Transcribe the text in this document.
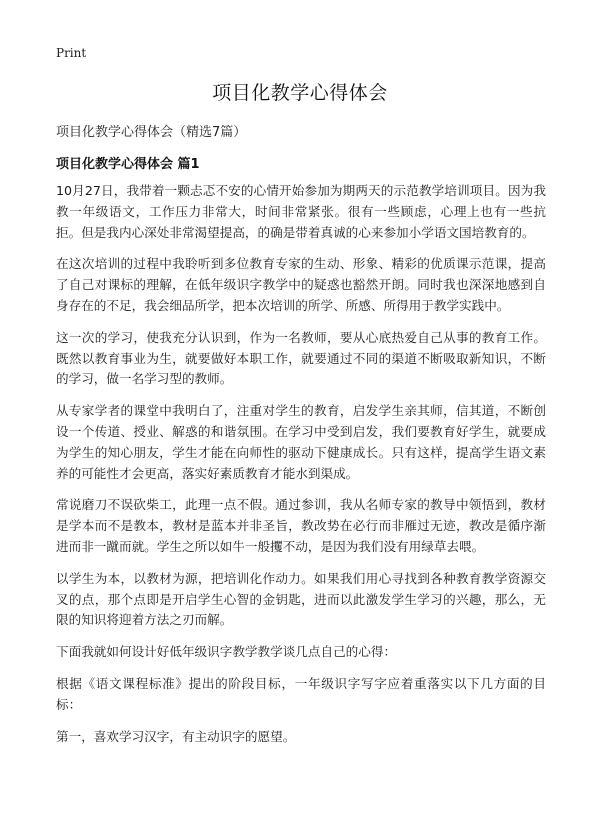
Print
项目化教学心得体会

项目化教学心得体会（精选7篇）

项目化教学心得体会 篇1

10月27日，我带着一颗忐忑不安的心情开始参加为期两天的示范教学培训项目。因为我教一年级语文，工作压力非常大，时间非常紧张。很有一些顾虑，心理上也有一些抗拒。但是我内心深处非常渴望提高，的确是带着真诚的心来参加小学语文国培教育的。

在这次培训的过程中我聆听到多位教育专家的生动、形象、精彩的优质课示范课，提高了自己对课标的理解，在低年级识字教学中的疑惑也豁然开朗。同时我也深深地感到自身存在的不足，我会细品所学，把本次培训的所学、所感、所得用于教学实践中。

这一次的学习，使我充分认识到，作为一名教师，要从心底热爱自己从事的教育工作。既然以教育事业为生，就要做好本职工作，就要通过不同的渠道不断吸取新知识，不断的学习，做一名学习型的教师。

从专家学者的课堂中我明白了，注重对学生的教育，启发学生亲其师，信其道，不断创设一个传道、授业、解惑的和谐氛围。在学习中受到启发，我们要教育好学生，就要成为学生的知心朋友，学生才能在向师性的驱动下健康成长。只有这样，提高学生语文素养的可能性才会更高，落实好素质教育才能水到渠成。

常说磨刀不误砍柴工，此理一点不假。通过参训，我从名师专家的教导中领悟到，教材是学本而不是教本，教材是蓝本并非圣旨，教改势在必行而非雁过无迹，教改是循序渐进而非一蹴而就。学生之所以如牛一般攫不动，是因为我们没有用绿草去喂。

以学生为本，以教材为源，把培训化作动力。如果我们用心寻找到各种教育教学资源交叉的点，那个点即是开启学生心智的金钥匙，进而以此激发学生学习的兴趣，那么，无限的知识将迎着方法之刃而解。

下面我就如何设计好低年级识字教学教学谈几点自己的心得：

根据《语文课程标准》提出的阶段目标，一年级识字写字应着重落实以下几方面的目标：

第一，喜欢学习汉字，有主动识字的愿望。
